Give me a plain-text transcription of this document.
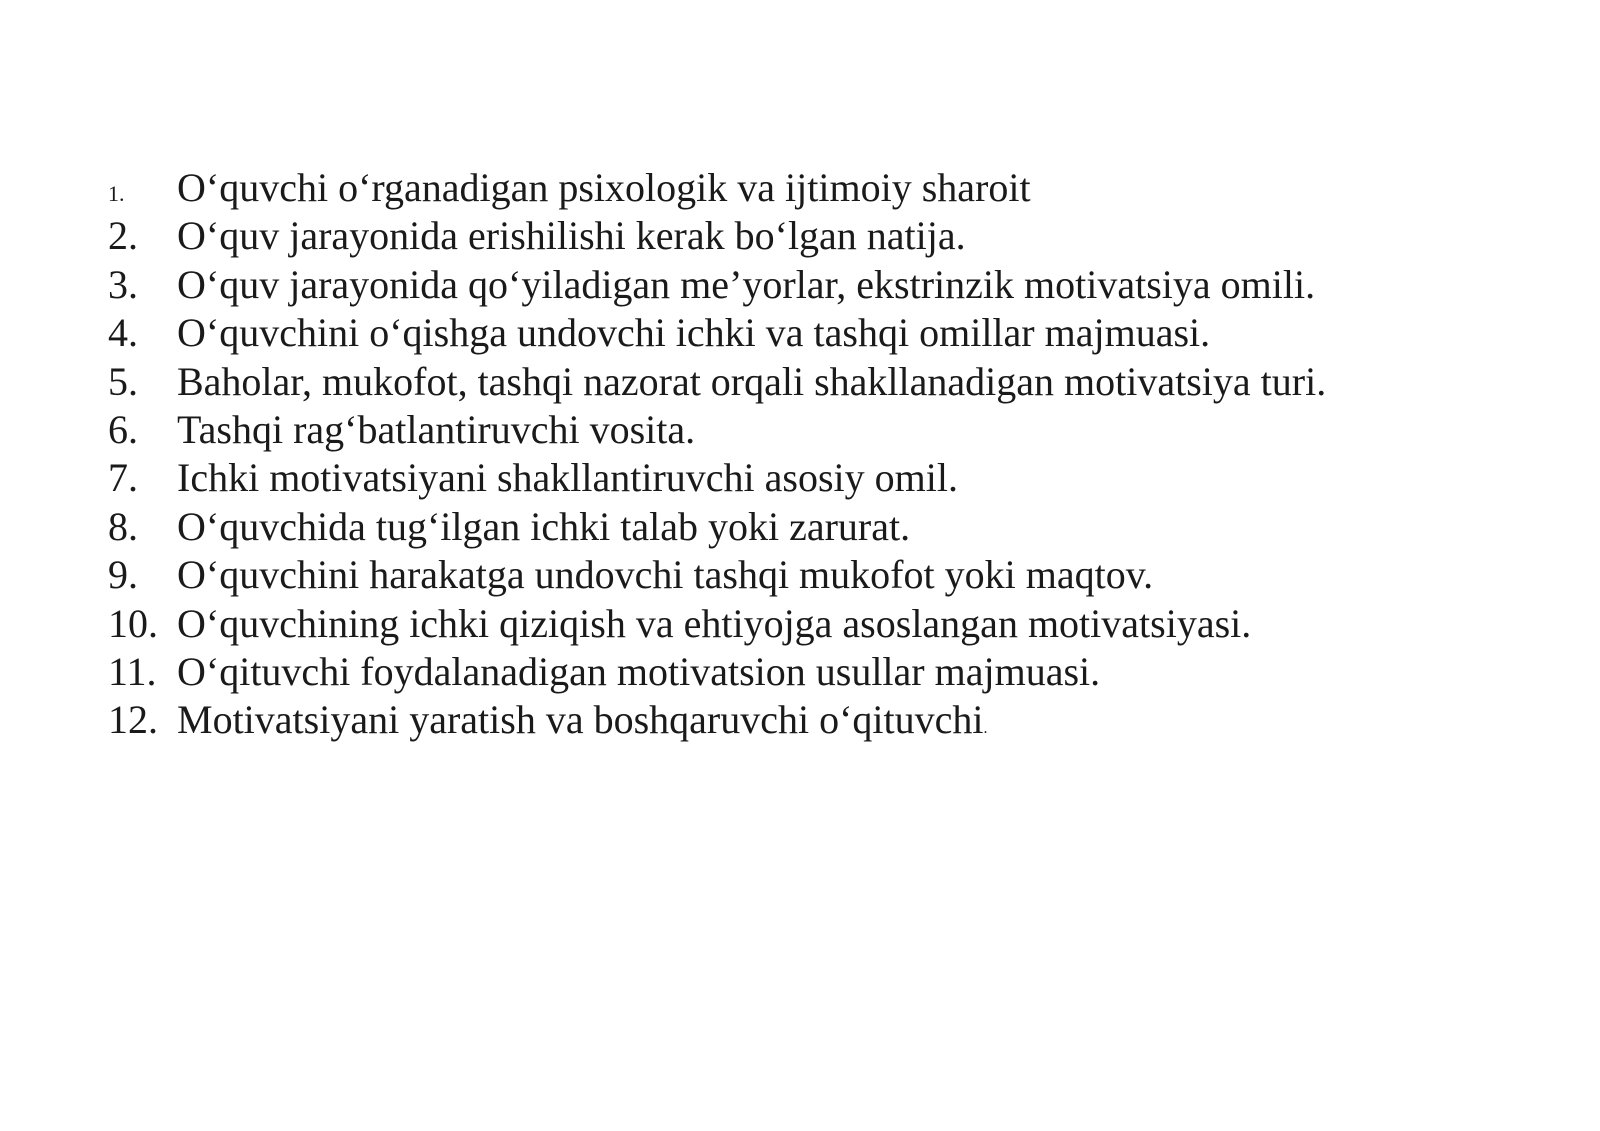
1.	O‘quvchi o‘rganadigan psixologik va ijtimoiy sharoit
2. O‘quv jarayonida erishilishi kerak bo‘lgan natija.
3. O‘quv jarayonida qo‘yiladigan me’yorlar, ekstrinzik motivatsiya omili.
4. O‘quvchini o‘qishga undovchi ichki va tashqi omillar majmuasi.
5. Baholar, mukofot, tashqi nazorat orqali shakllanadigan motivatsiya turi.
6. Tashqi rag‘batlantiruvchi vosita.
7. Ichki motivatsiyani shakllantiruvchi asosiy omil.
8. O‘quvchida tug‘ilgan ichki talab yoki zarurat.
9. O‘quvchini harakatga undovchi tashqi mukofot yoki maqtov.
10. O‘quvchining ichki qiziqish va ehtiyojga asoslangan motivatsiyasi.
11. O‘qituvchi foydalanadigan motivatsion usullar majmuasi.
12. Motivatsiyani yaratish va boshqaruvchi o‘qituvchi.
